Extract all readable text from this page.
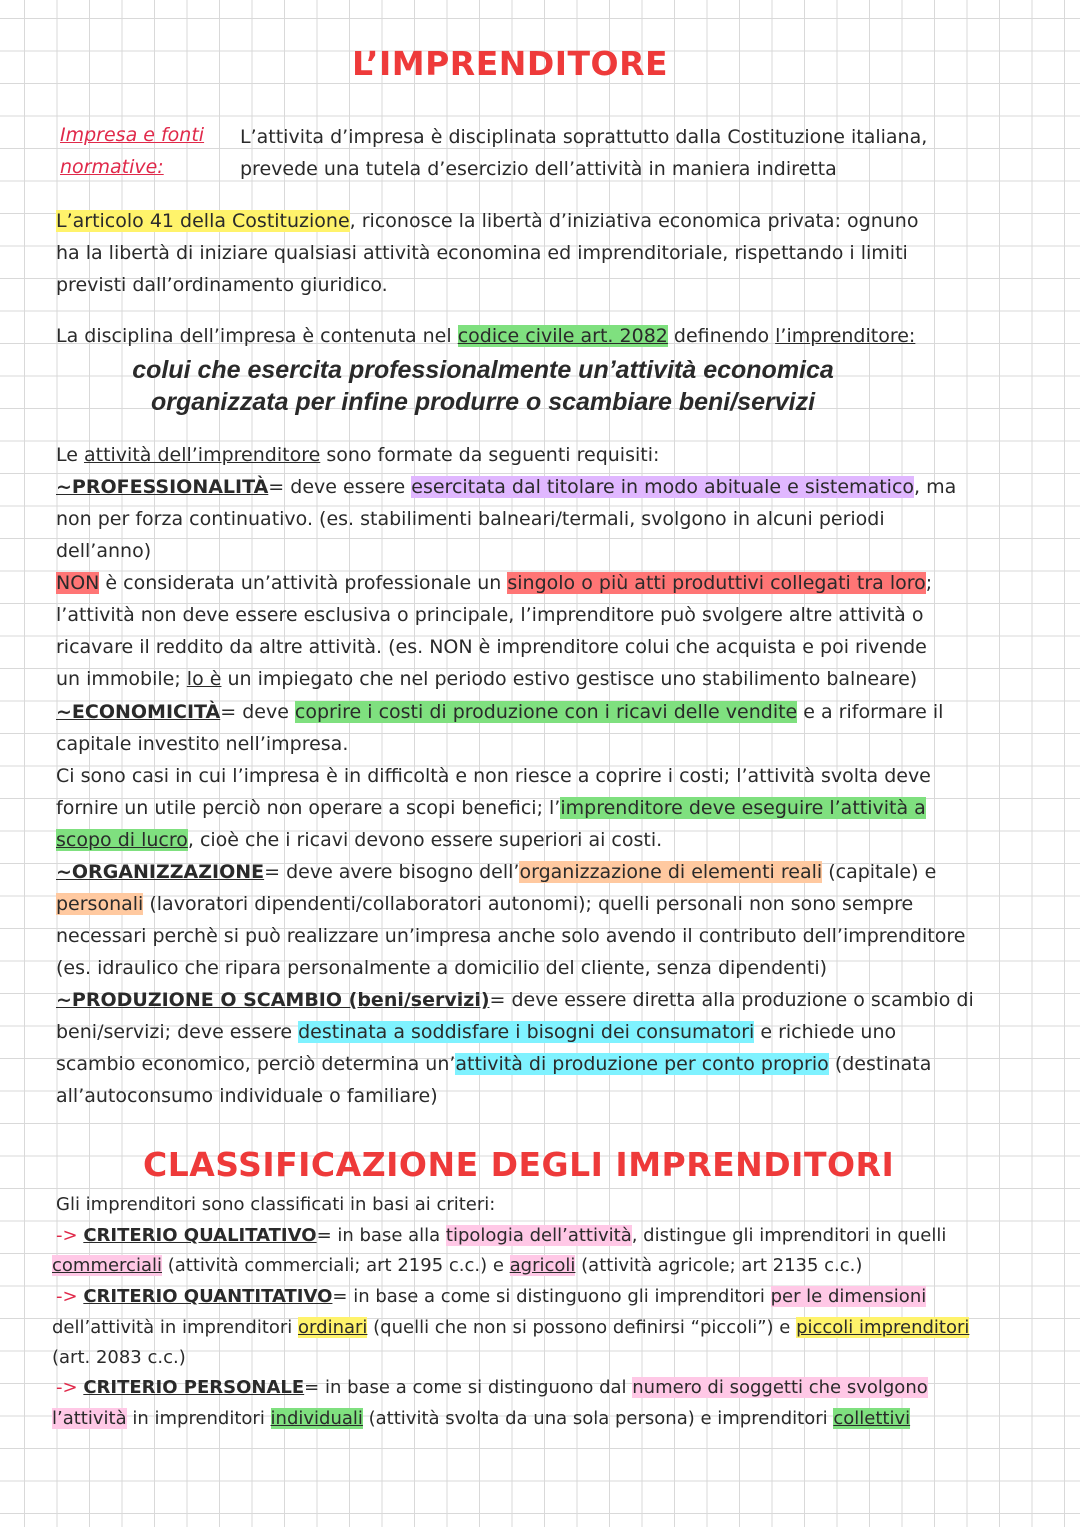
L’IMPRENDITORE
Impresa e fonti
normative:
L’attivita d’impresa è disciplinata soprattutto dalla Costituzione italiana,
prevede una tutela d’esercizio dell’attività in maniera indiretta
L’articolo 41 della Costituzione, riconosce la libertà d’iniziativa economica privata: ognuno
ha la libertà di iniziare qualsiasi attività economina ed imprenditoriale, rispettando i limiti
previsti dall’ordinamento giuridico.
La disciplina dell’impresa è contenuta nel codice civile art. 2082 definendo l’imprenditore:
colui che esercita professionalmente un’attività economica
organizzata per infine produrre o scambiare beni/servizi
Le attività dell’imprenditore sono formate da seguenti requisiti:
~PROFESSIONALITÀ= deve essere esercitata dal titolare in modo abituale e sistematico, ma
non per forza continuativo. (es. stabilimenti balneari/termali, svolgono in alcuni periodi
dell’anno)
NON è considerata un’attività professionale un singolo o più atti produttivi collegati tra loro;
l’attività non deve essere esclusiva o principale, l’imprenditore può svolgere altre attività o
ricavare il reddito da altre attività. (es. NON è imprenditore colui che acquista e poi rivende
un immobile; lo è un impiegato che nel periodo estivo gestisce uno stabilimento balneare)
~ECONOMICITÀ= deve coprire i costi di produzione con i ricavi delle vendite e a riformare il
capitale investito nell’impresa.
Ci sono casi in cui l’impresa è in difficoltà e non riesce a coprire i costi; l’attività svolta deve
fornire un utile perciò non operare a scopi benefici; l’imprenditore deve eseguire l’attività a
scopo di lucro, cioè che i ricavi devono essere superiori ai costi.
~ORGANIZZAZIONE= deve avere bisogno dell’organizzazione di elementi reali (capitale) e
personali (lavoratori dipendenti/collaboratori autonomi); quelli personali non sono sempre
necessari perchè si può realizzare un’impresa anche solo avendo il contributo dell’imprenditore
(es. idraulico che ripara personalmente a domicilio del cliente, senza dipendenti)
~PRODUZIONE O SCAMBIO (beni/servizi)= deve essere diretta alla produzione o scambio di
beni/servizi; deve essere destinata a soddisfare i bisogni dei consumatori e richiede uno
scambio economico, perciò determina un’attività di produzione per conto proprio (destinata
all’autoconsumo individuale o familiare)
CLASSIFICAZIONE DEGLI IMPRENDITORI
Gli imprenditori sono classificati in basi ai criteri:
-> CRITERIO QUALITATIVO= in base alla tipologia dell’attività, distingue gli imprenditori in quelli
commerciali (attività commerciali; art 2195 c.c.) e agricoli (attività agricole; art 2135 c.c.)
-> CRITERIO QUANTITATIVO= in base a come si distinguono gli imprenditori per le dimensioni
dell’attività in imprenditori ordinari (quelli che non si possono definirsi “piccoli”) e piccoli imprenditori
(art. 2083 c.c.)
-> CRITERIO PERSONALE= in base a come si distinguono dal numero di soggetti che svolgono
l’attività in imprenditori individuali (attività svolta da una sola persona) e imprenditori collettivi
